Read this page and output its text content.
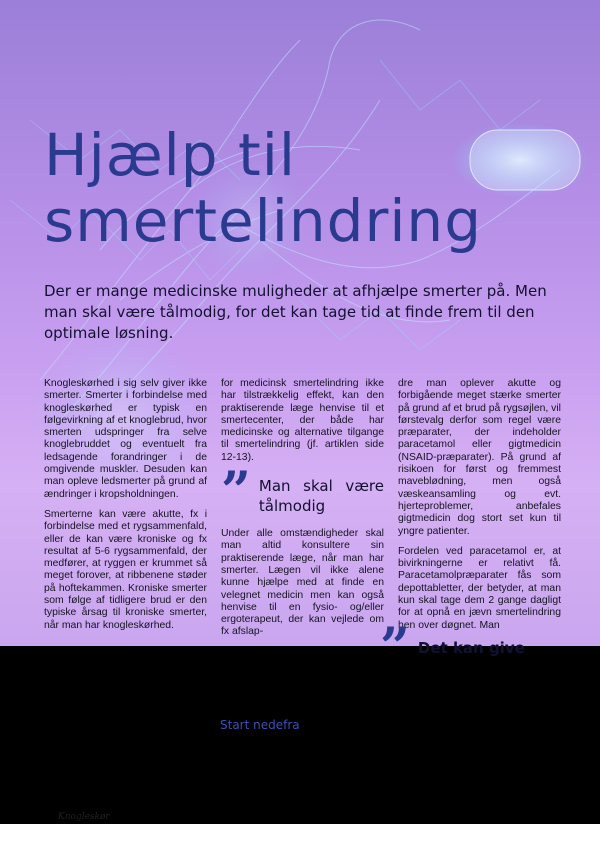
Hjælp til
smertelindring

Der er mange medicinske muligheder at afhjælpe smerter på. Men man skal være tålmodig, for det kan tage tid at finde frem til den optimale løsning.

Knogleskørhed i sig selv giver ikke smerter. Smerter i forbindelse med knogleskørhed er typisk en følgevirkning af et knoglebrud, hvor smerten udspringer fra selve knoglebruddet og eventuelt fra ledsagende forandringer i de omgivende muskler. Desuden kan man opleve ledsmerter på grund af ændringer i kropsholdningen.

Smerterne kan være akutte, fx i forbindelse med et rygsammenfald, eller de kan være kroniske og fx resultat af 5-6 rygsammenfald, der medfører, at ryggen er krummet så meget forover, at ribbenene støder på hoftekammen. Kroniske smerter som følge af tidligere brud er den typiske årsag til kroniske smerter, når man har knogleskørhed.

for medicinsk smertelindring ikke har tilstrækkelig effekt, kan den praktiserende læge henvise til et smertecenter, der både har medicinske og alternative tilgange til smertelindring (jf. artiklen side 12-13).

” Man skal være tålmodig

Under alle omstændigheder skal man altid konsultere sin praktiserende læge, når man har smerter. Lægen vil ikke alene kunne hjælpe med at finde en velegnet medicin men kan også henvise til en fysio- og/eller ergoterapeut, der kan vejlede om fx afslap-

dre man oplever akutte og forbigående meget stærke smerter på grund af et brud på rygsøjlen, vil førstevalg derfor som regel være præparater, der indeholder paracetamol eller gigtmedicin (NSAID-præparater). På grund af risikoen for først og fremmest maveblødning, men også væskeansamling og evt. hjerteproblemer, anbefales gigtmedicin dog stort set kun til yngre patienter.

Fordelen ved paracetamol er, at bivirkningerne er relativt få. Paracetamolpræparater fås som depottabletter, der betyder, at man kun skal tage dem 2 gange dagligt for at opnå en jævn smertelindring hen over døgnet. Man

” Det kan give
Start nedefra
Knogleskør
